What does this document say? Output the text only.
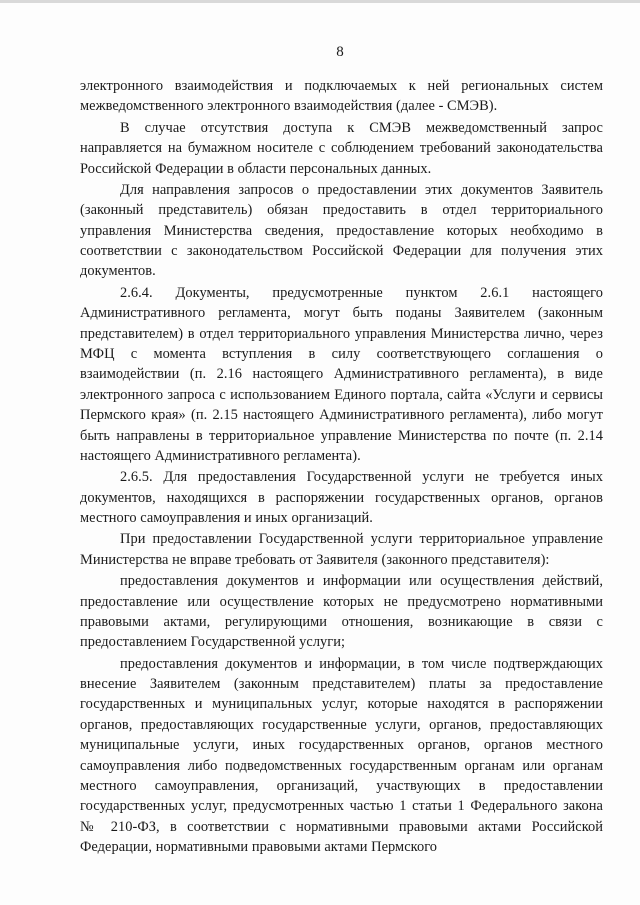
8

электронного взаимодействия и подключаемых к ней региональных систем межведомственного электронного взаимодействия (далее - СМЭВ).

В случае отсутствия доступа к СМЭВ межведомственный запрос направляется на бумажном носителе с соблюдением требований законодательства Российской Федерации в области персональных данных.

Для направления запросов о предоставлении этих документов Заявитель (законный представитель) обязан предоставить в отдел территориального управления Министерства сведения, предоставление которых необходимо в соответствии с законодательством Российской Федерации для получения этих документов.

2.6.4. Документы, предусмотренные пунктом 2.6.1 настоящего Административного регламента, могут быть поданы Заявителем (законным представителем) в отдел территориального управления Министерства лично, через МФЦ с момента вступления в силу соответствующего соглашения о взаимодействии (п. 2.16 настоящего Административного регламента), в виде электронного запроса с использованием Единого портала, сайта «Услуги и сервисы Пермского края» (п. 2.15 настоящего Административного регламента), либо могут быть направлены в территориальное управление Министерства по почте (п. 2.14 настоящего Административного регламента).

2.6.5. Для предоставления Государственной услуги не требуется иных документов, находящихся в распоряжении государственных органов, органов местного самоуправления и иных организаций.

При предоставлении Государственной услуги территориальное управление Министерства не вправе требовать от Заявителя (законного представителя):

предоставления документов и информации или осуществления действий, предоставление или осуществление которых не предусмотрено нормативными правовыми актами, регулирующими отношения, возникающие в связи с предоставлением Государственной услуги;

предоставления документов и информации, в том числе подтверждающих внесение Заявителем (законным представителем) платы за предоставление государственных и муниципальных услуг, которые находятся в распоряжении органов, предоставляющих государственные услуги, органов, предоставляющих муниципальные услуги, иных государственных органов, органов местного самоуправления либо подведомственных государственным органам или органам местного самоуправления, организаций, участвующих в предоставлении государственных услуг, предусмотренных частью 1 статьи 1 Федерального закона № 210-ФЗ, в соответствии с нормативными правовыми актами Российской Федерации, нормативными правовыми актами Пермского
